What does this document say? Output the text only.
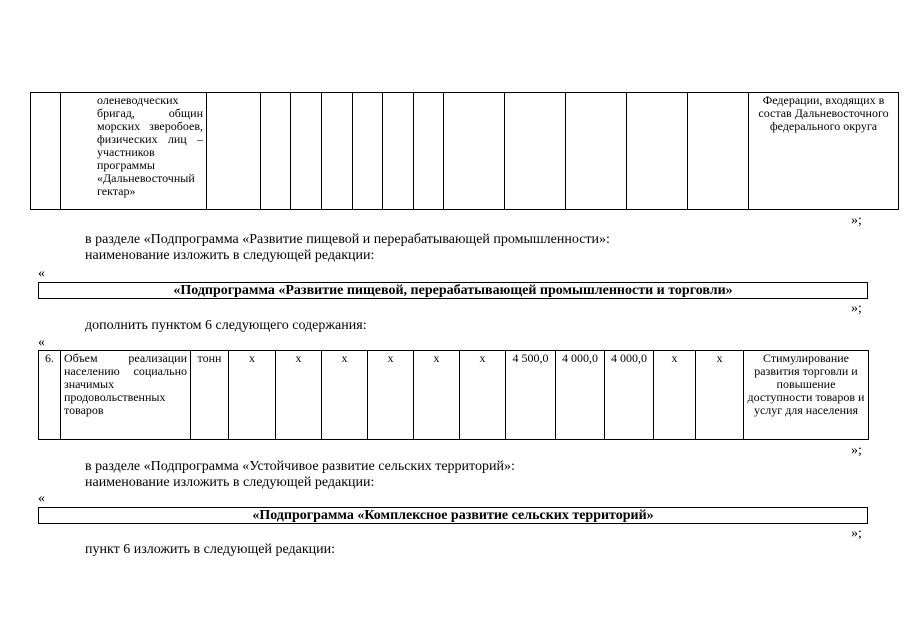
	оленеводческих бригад, общин морских зверобоев, физических лиц – участников программы «Дальневосточный гектар»													Федерации, входящих в состав Дальневосточного федерального округа
»;
в разделе «Подпрограмма «Развитие пищевой и перерабатывающей промышленности»:
наименование изложить в следующей редакции:
«
«Подпрограмма «Развитие пищевой, перерабатывающей промышленности и торговли»
»;
дополнить пунктом 6 следующего содержания:
«
6.	Объем реализации населению социально значимых продовольственных товаров	тонн	х	х	х	х	х	х	4 500,0	4 000,0	4 000,0	х	х	Стимулирование развития торговли и повышение доступности товаров и услуг для населения
»;
в разделе «Подпрограмма «Устойчивое развитие сельских территорий»:
наименование изложить в следующей редакции:
«
«Подпрограмма «Комплексное развитие сельских территорий»
»;
пункт 6 изложить в следующей редакции:
